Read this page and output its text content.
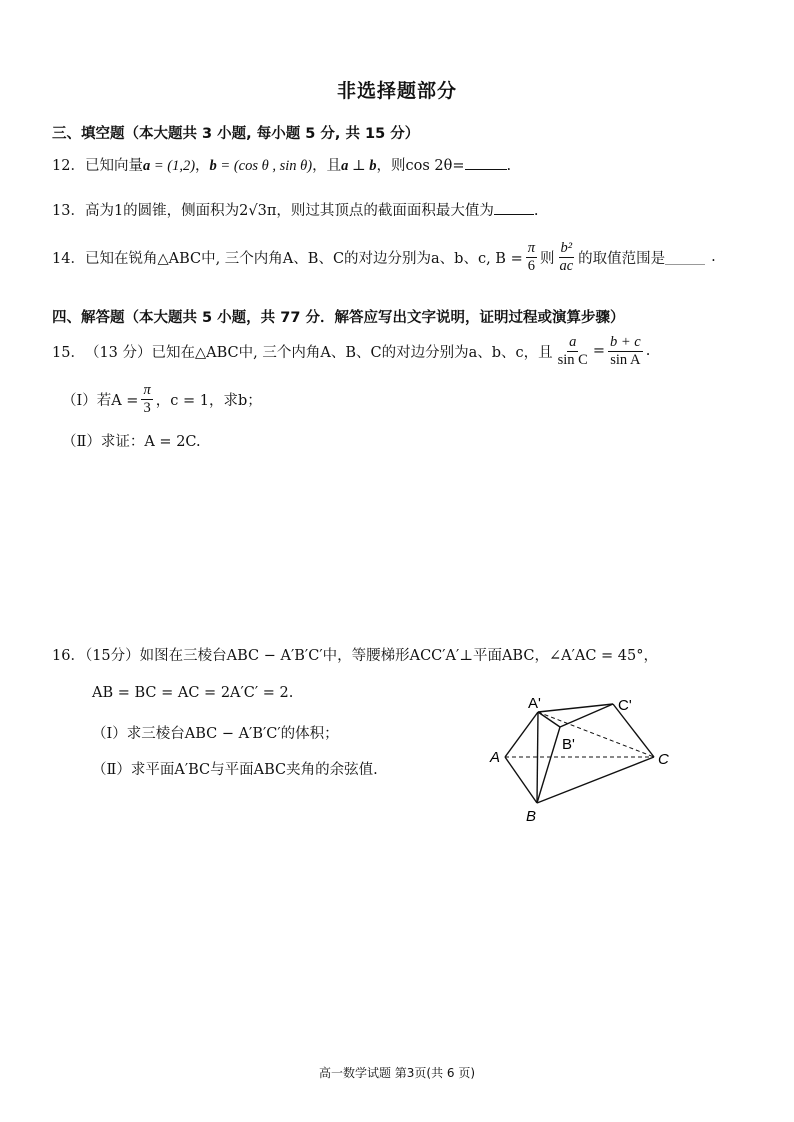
非选择题部分
三、填空题（本大题共 3 小题, 每小题 5 分, 共 15 分）
12．已知向量a = (1,2)，b = (cos θ , sin θ)，且a ⊥ b，则cos 2θ=	.
13．高为1的圆锥，侧面积为2√3π，则过其顶点的截面面积最大值为	.
14． 已知在锐角△ABC中, 三个内角A、B、C的对边分别为a、b、c, $B = \frac{\pi}{6}$ 则 $\frac{\text{b²}}{ac}$ 的取值范围是	.
四、解答题（本大题共 5 小题，共 77 分．解答应写出文字说明，证明过程或演算步骤）
15． （13 分）已知在△ABC中, 三个内角A、B、C的对边分别为a、b、c，且 $\frac{a}{\text{sin C}} = \frac{b + c}{\text{sin A}}$ .
（Ⅰ）若$A = \frac{\pi}{3}$ ，c = 1，求b；
（Ⅱ）求证：A = 2C.
16．（15分）如图在三棱台ABC − A′B′C′中，等腰梯形ACC′A′⊥平面ABC，∠A′AC = 45°，
AB = BC = AC = 2A′C′ = 2.
（Ⅰ）求三棱台ABC − A′B′C′的体积；
（Ⅱ）求平面A′BC与平面ABC夹角的余弦值.
A'	C'
B'
A	C
B
高一数学试题 第3页(共 6 页)
